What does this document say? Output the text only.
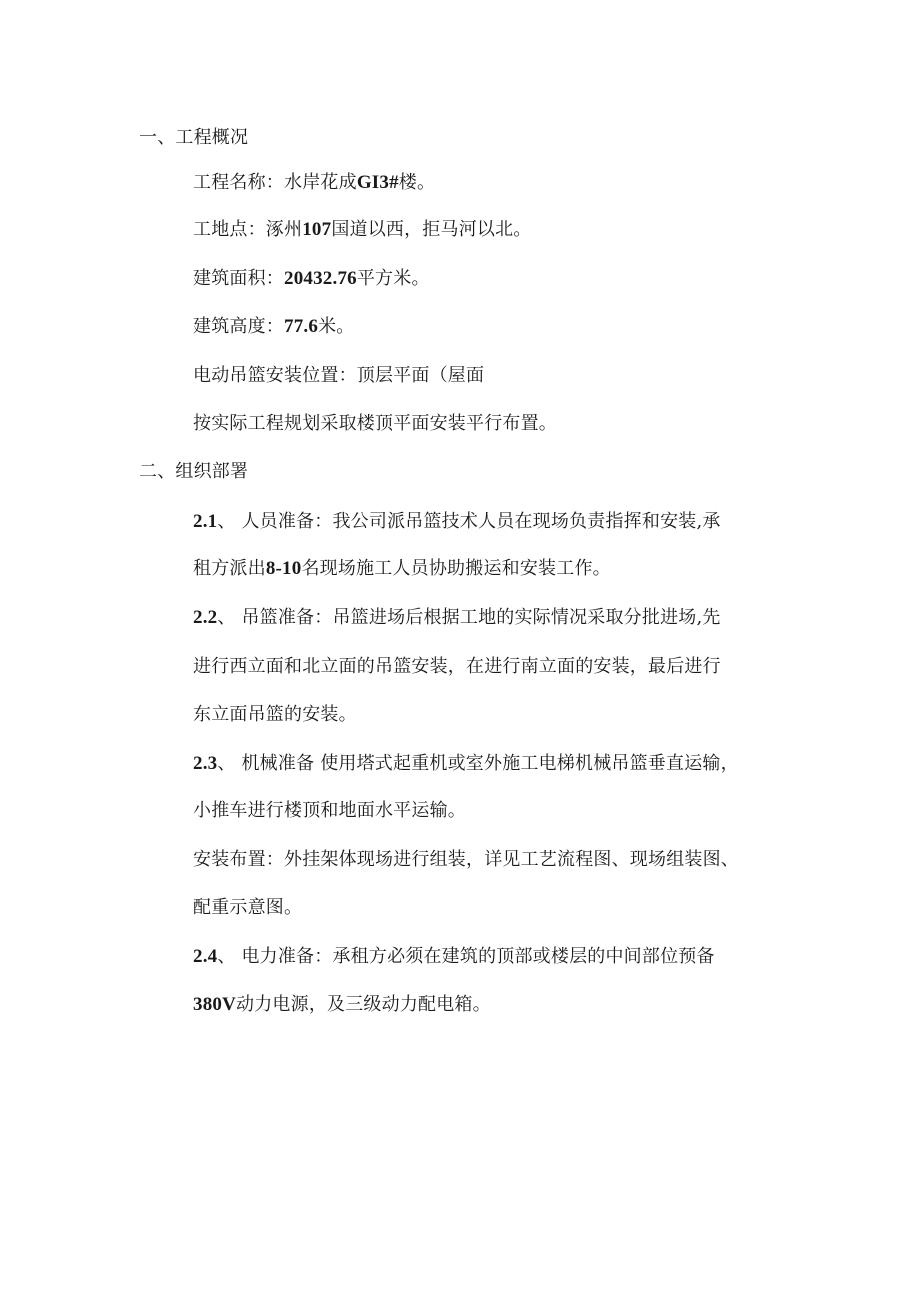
一、工程概况
工程名称：水岸花成GI3#楼。
工地点：涿州107国道以西，拒马河以北。
建筑面积：20432.76平方米。
建筑高度：77.6米。
电动吊篮安装位置：顶层平面（屋面
按实际工程规划采取楼顶平面安装平行布置。
二、组织部署
2.1、 人员准备：我公司派吊篮技术人员在现场负责指挥和安装,承
租方派出8-10名现场施工人员协助搬运和安装工作。
2.2、 吊篮准备：吊篮进场后根据工地的实际情况采取分批进场,先
进行西立面和北立面的吊篮安装，在进行南立面的安装，最后进行
东立面吊篮的安装。
2.3、 机械准备 使用塔式起重机或室外施工电梯机械吊篮垂直运输，
小推车进行楼顶和地面水平运输。
安装布置：外挂架体现场进行组装，详见工艺流程图、现场组装图、
配重示意图。
2.4、 电力准备：承租方必须在建筑的顶部或楼层的中间部位预备
380V动力电源，及三级动力配电箱。
